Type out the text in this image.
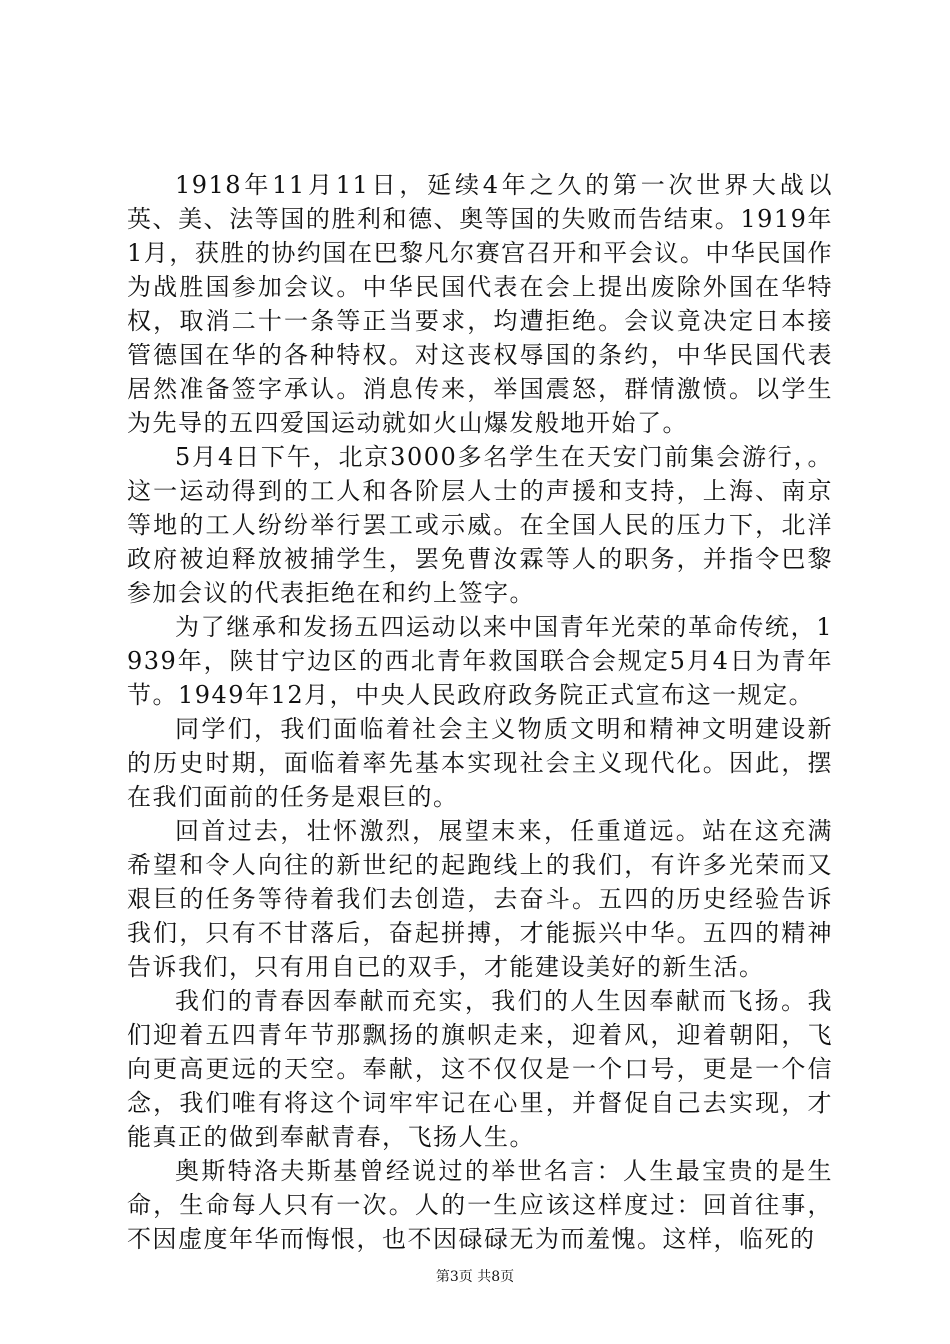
1918年11月11日，延续4年之久的第一次世界大战以英、美、法等国的胜利和德、奥等国的失败而告结束。1919年1月，获胜的协约国在巴黎凡尔赛宫召开和平会议。中华民国作为战胜国参加会议。中华民国代表在会上提出废除外国在华特权，取消二十一条等正当要求，均遭拒绝。会议竟决定日本接管德国在华的各种特权。对这丧权辱国的条约，中华民国代表居然准备签字承认。消息传来，举国震怒，群情激愤。以学生为先导的五四爱国运动就如火山爆发般地开始了。

5月4日下午，北京3000多名学生在天安门前集会游行，。这一运动得到的工人和各阶层人士的声援和支持，上海、南京等地的工人纷纷举行罢工或示威。在全国人民的压力下，北洋政府被迫释放被捕学生，罢免曹汝霖等人的职务，并指令巴黎参加会议的代表拒绝在和约上签字。

为了继承和发扬五四运动以来中国青年光荣的革命传统，1939年，陕甘宁边区的西北青年救国联合会规定5月4日为青年节。1949年12月，中央人民政府政务院正式宣布这一规定。

同学们，我们面临着社会主义物质文明和精神文明建设新的历史时期，面临着率先基本实现社会主义现代化。因此，摆在我们面前的任务是艰巨的。

回首过去，壮怀激烈，展望末来，任重道远。站在这充满希望和令人向往的新世纪的起跑线上的我们，有许多光荣而又艰巨的任务等待着我们去创造，去奋斗。五四的历史经验告诉我们，只有不甘落后，奋起拼搏，才能振兴中华。五四的精神告诉我们，只有用自已的双手，才能建设美好的新生活。

我们的青春因奉献而充实，我们的人生因奉献而飞扬。我们迎着五四青年节那飘扬的旗帜走来，迎着风，迎着朝阳，飞向更高更远的天空。奉献，这不仅仅是一个口号，更是一个信念，我们唯有将这个词牢牢记在心里，并督促自己去实现，才能真正的做到奉献青春，飞扬人生。

奥斯特洛夫斯基曾经说过的举世名言：人生最宝贵的是生命，生命每人只有一次。人的一生应该这样度过：回首往事，不因虚度年华而悔恨，也不因碌碌无为而羞愧。这样，临死的

第3页 共8页
